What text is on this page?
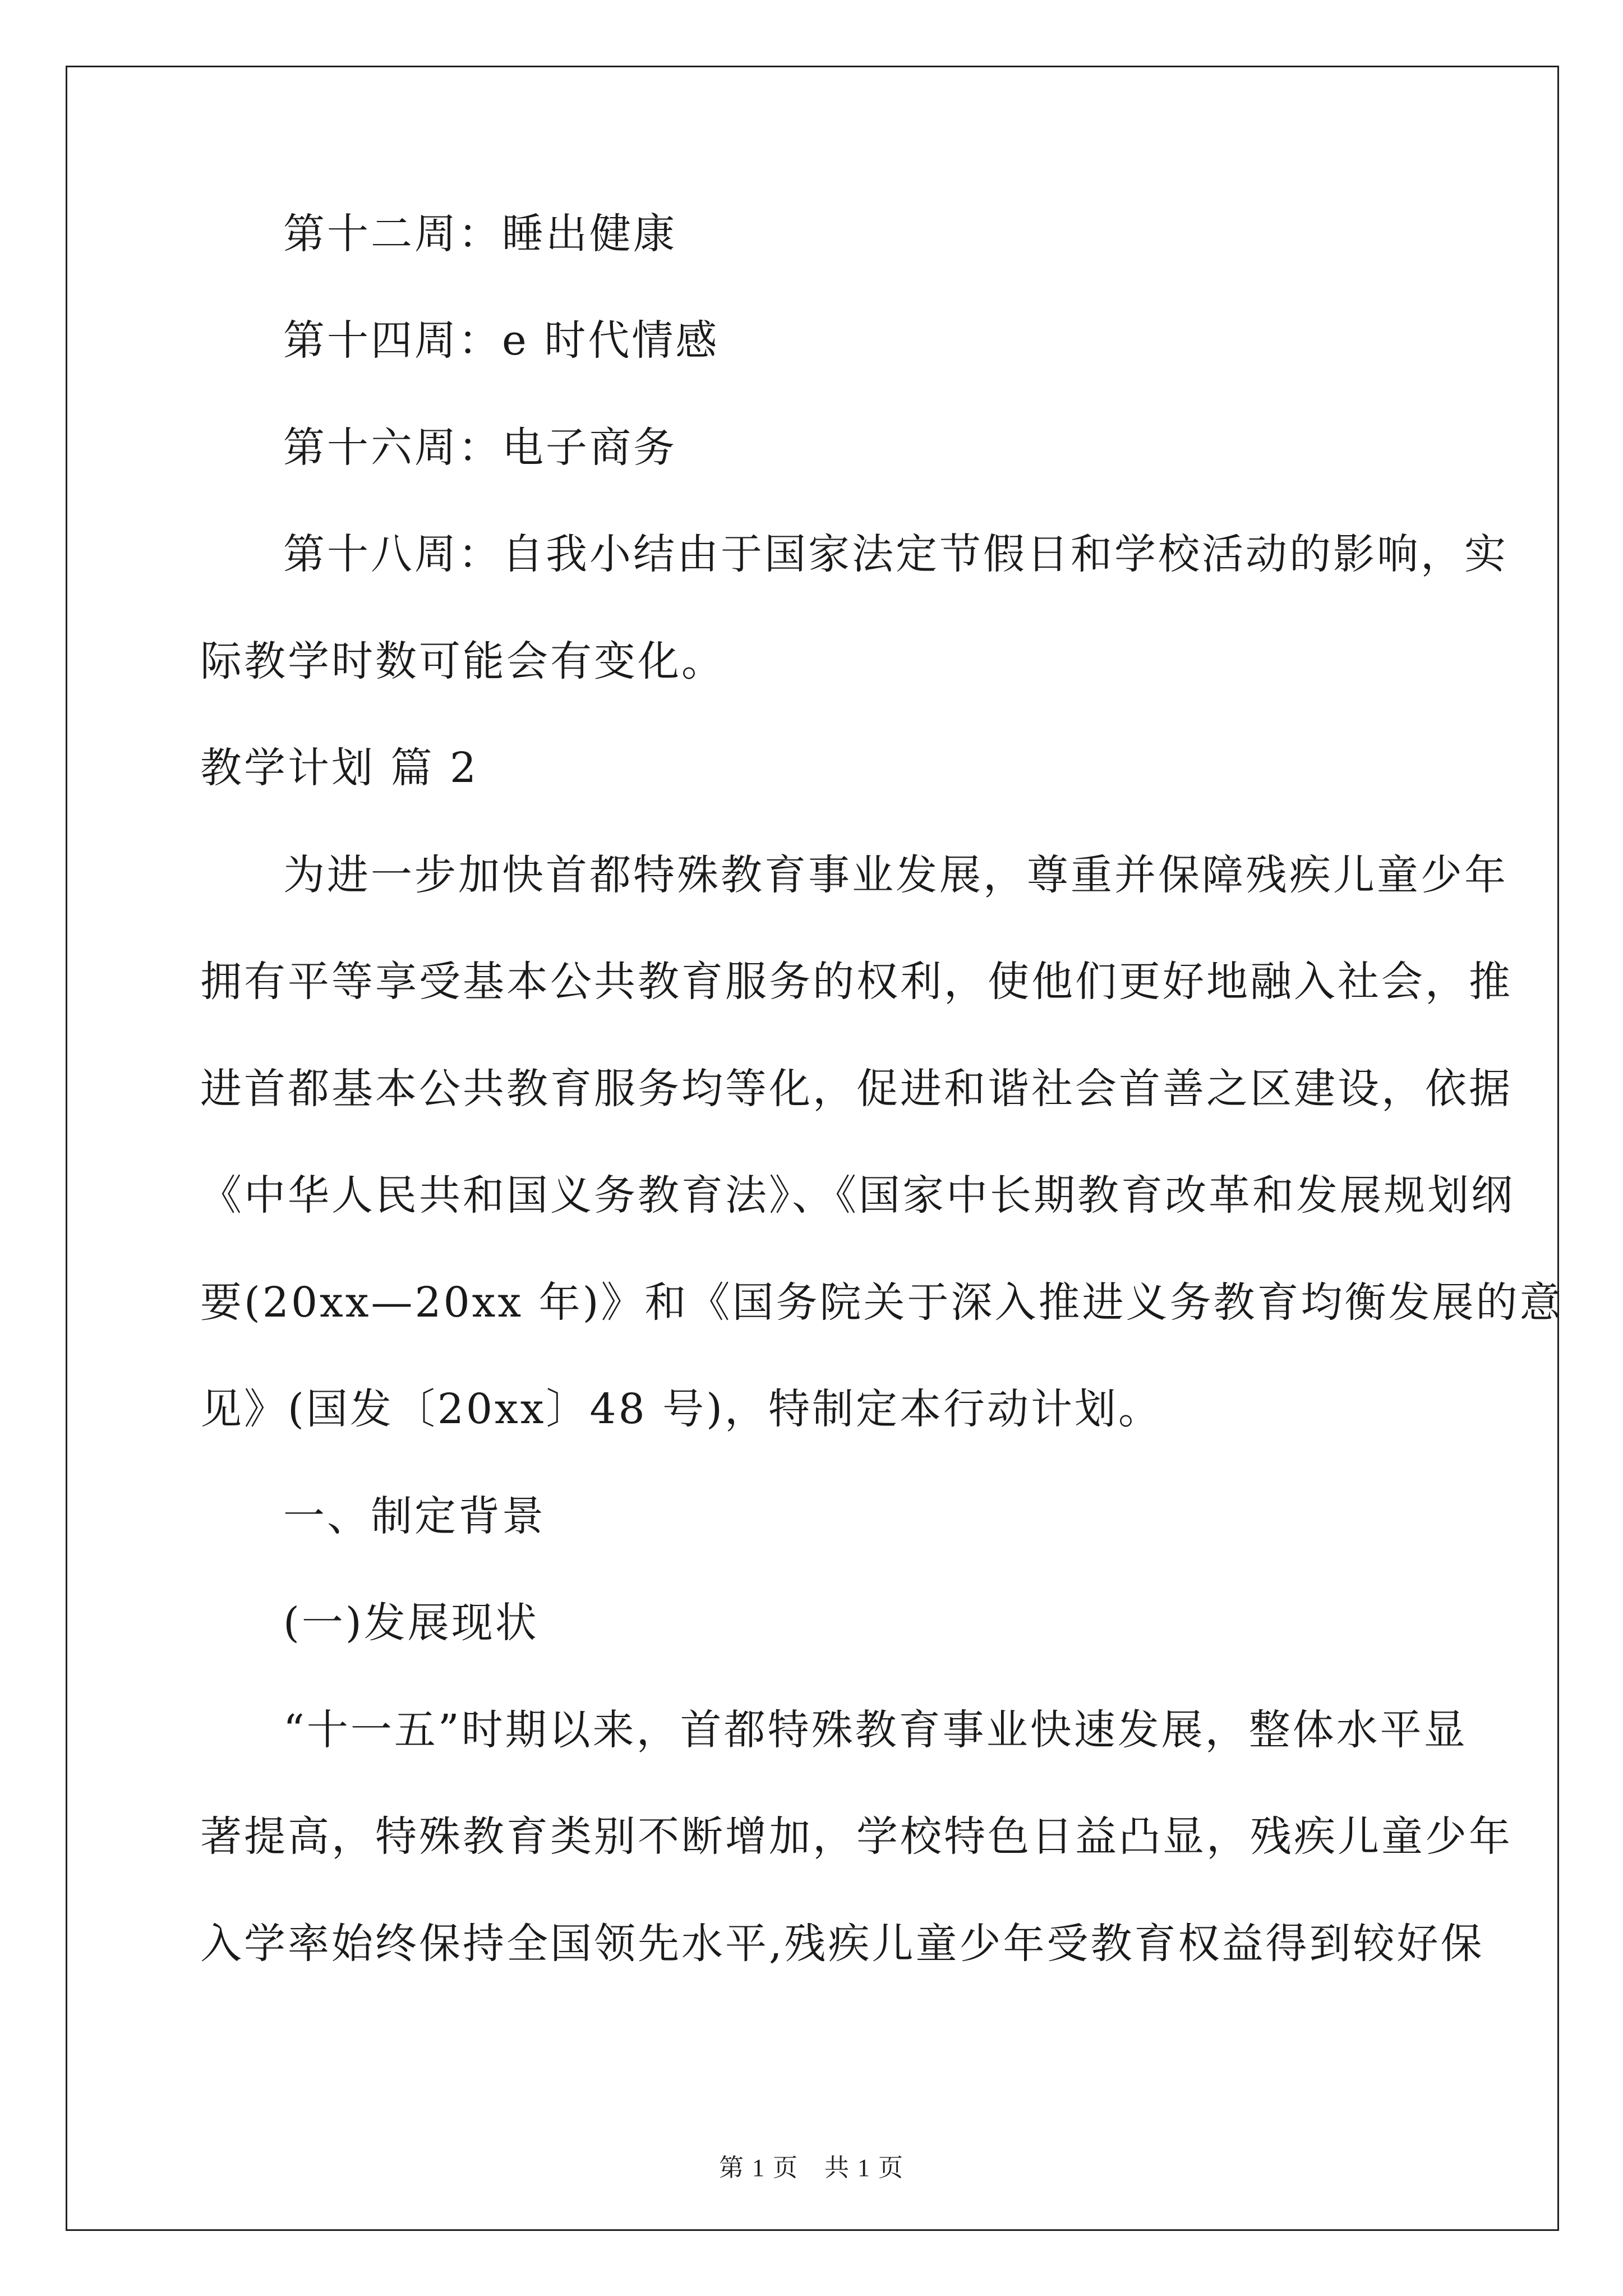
第十二周：睡出健康
第十四周：e 时代情感
第十六周：电子商务
第十八周：自我小结由于国家法定节假日和学校活动的影响，实
际教学时数可能会有变化。
教学计划 篇 2
为进一步加快首都特殊教育事业发展，尊重并保障残疾儿童少年
拥有平等享受基本公共教育服务的权利，使他们更好地融入社会，推
进首都基本公共教育服务均等化，促进和谐社会首善之区建设，依据
《中华人民共和国义务教育法》、《国家中长期教育改革和发展规划纲
要(20xx—20xx 年)》和《国务院关于深入推进义务教育均衡发展的意
见》(国发〔20xx〕48 号)，特制定本行动计划。
一、制定背景
(一)发展现状
“十一五”时期以来，首都特殊教育事业快速发展，整体水平显
著提高，特殊教育类别不断增加，学校特色日益凸显，残疾儿童少年
入学率始终保持全国领先水平,残疾儿童少年受教育权益得到较好保
第 1 页　共 1 页
